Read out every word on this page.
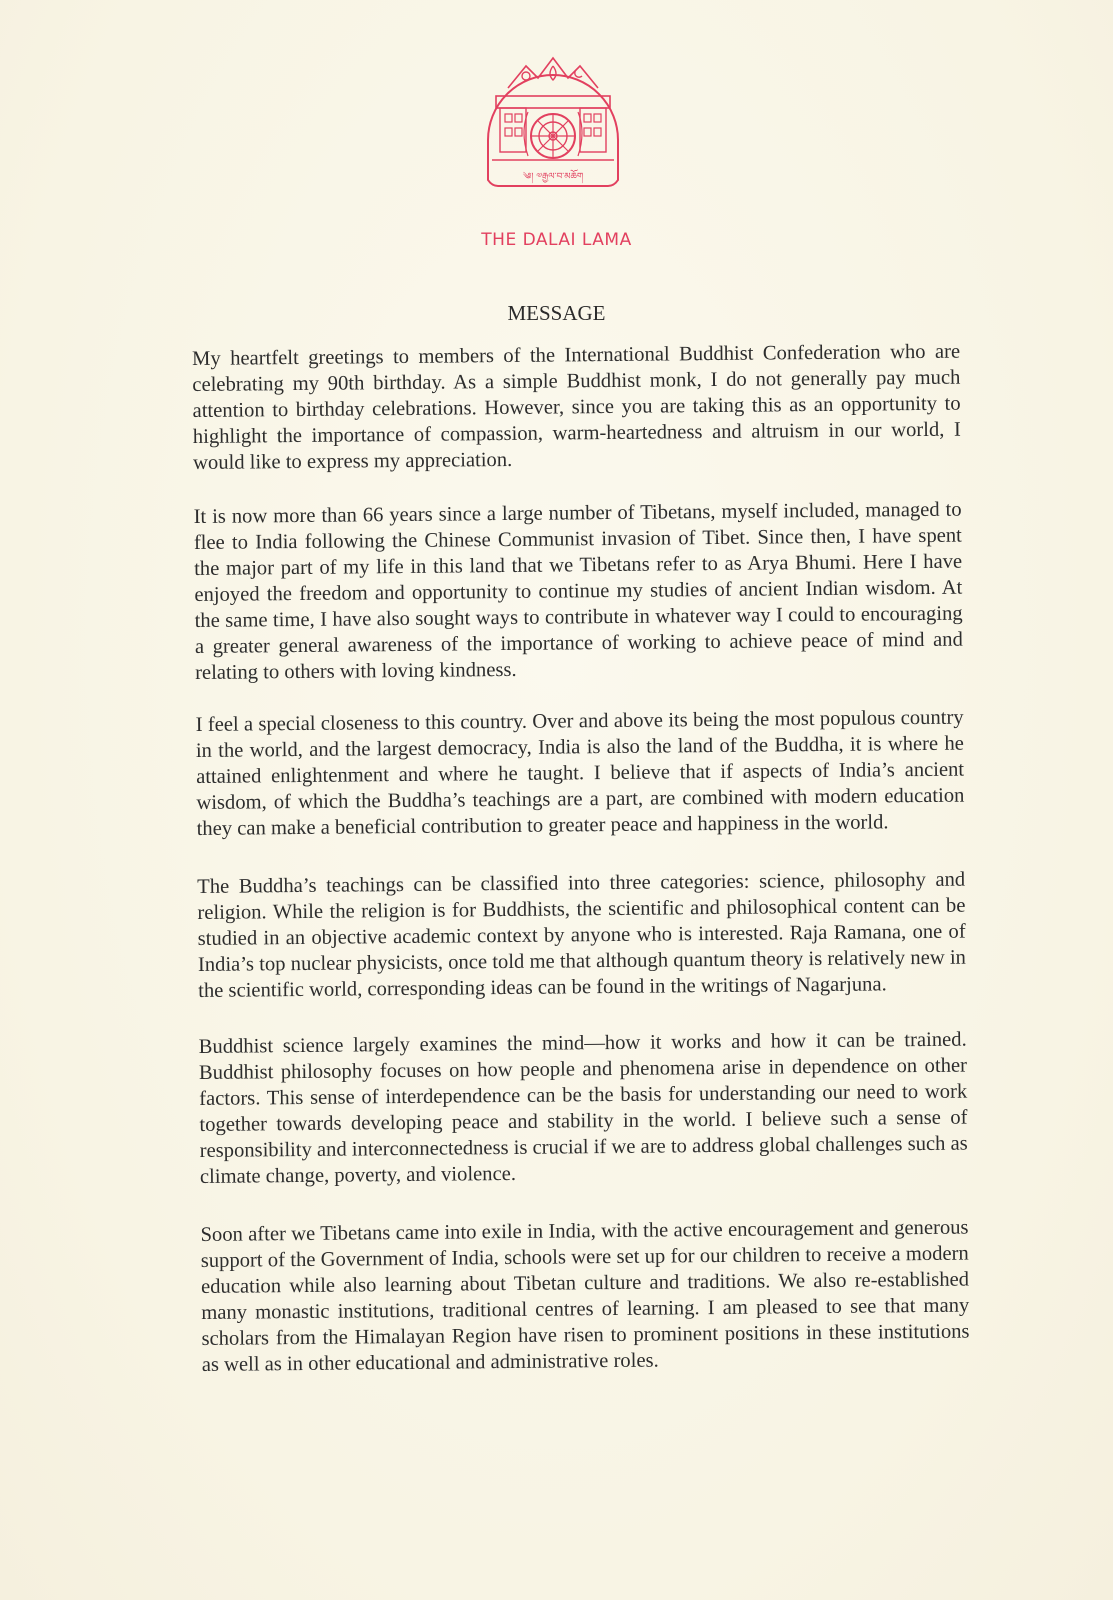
༄། ༧རྒྱལ་བ་མཆོག
THE DALAI LAMA
MESSAGE

My heartfelt greetings to members of the International Buddhist Confederation who are celebrating my 90th birthday. As a simple Buddhist monk, I do not generally pay much attention to birthday celebrations. However, since you are taking this as an opportunity to highlight the importance of compassion, warm-heartedness and altruism in our world, I would like to express my appreciation.

It is now more than 66 years since a large number of Tibetans, myself included, managed to flee to India following the Chinese Communist invasion of Tibet. Since then, I have spent the major part of my life in this land that we Tibetans refer to as Arya Bhumi. Here I have enjoyed the freedom and opportunity to continue my studies of ancient Indian wisdom. At the same time, I have also sought ways to contribute in whatever way I could to encouraging a greater general awareness of the importance of working to achieve peace of mind and relating to others with loving kindness.

I feel a special closeness to this country. Over and above its being the most populous country in the world, and the largest democracy, India is also the land of the Buddha, it is where he attained enlightenment and where he taught. I believe that if aspects of India’s ancient wisdom, of which the Buddha’s teachings are a part, are combined with modern education they can make a beneficial contribution to greater peace and happiness in the world.

The Buddha’s teachings can be classified into three categories: science, philosophy and religion. While the religion is for Buddhists, the scientific and philosophical content can be studied in an objective academic context by anyone who is interested. Raja Ramana, one of India’s top nuclear physicists, once told me that although quantum theory is relatively new in the scientific world, corresponding ideas can be found in the writings of Nagarjuna.

Buddhist science largely examines the mind—how it works and how it can be trained. Buddhist philosophy focuses on how people and phenomena arise in dependence on other factors. This sense of interdependence can be the basis for understanding our need to work together towards developing peace and stability in the world. I believe such a sense of responsibility and interconnectedness is crucial if we are to address global challenges such as climate change, poverty, and violence.

Soon after we Tibetans came into exile in India, with the active encouragement and generous support of the Government of India, schools were set up for our children to receive a modern education while also learning about Tibetan culture and traditions. We also re-established many monastic institutions, traditional centres of learning. I am pleased to see that many scholars from the Himalayan Region have risen to prominent positions in these institutions as well as in other educational and administrative roles.
